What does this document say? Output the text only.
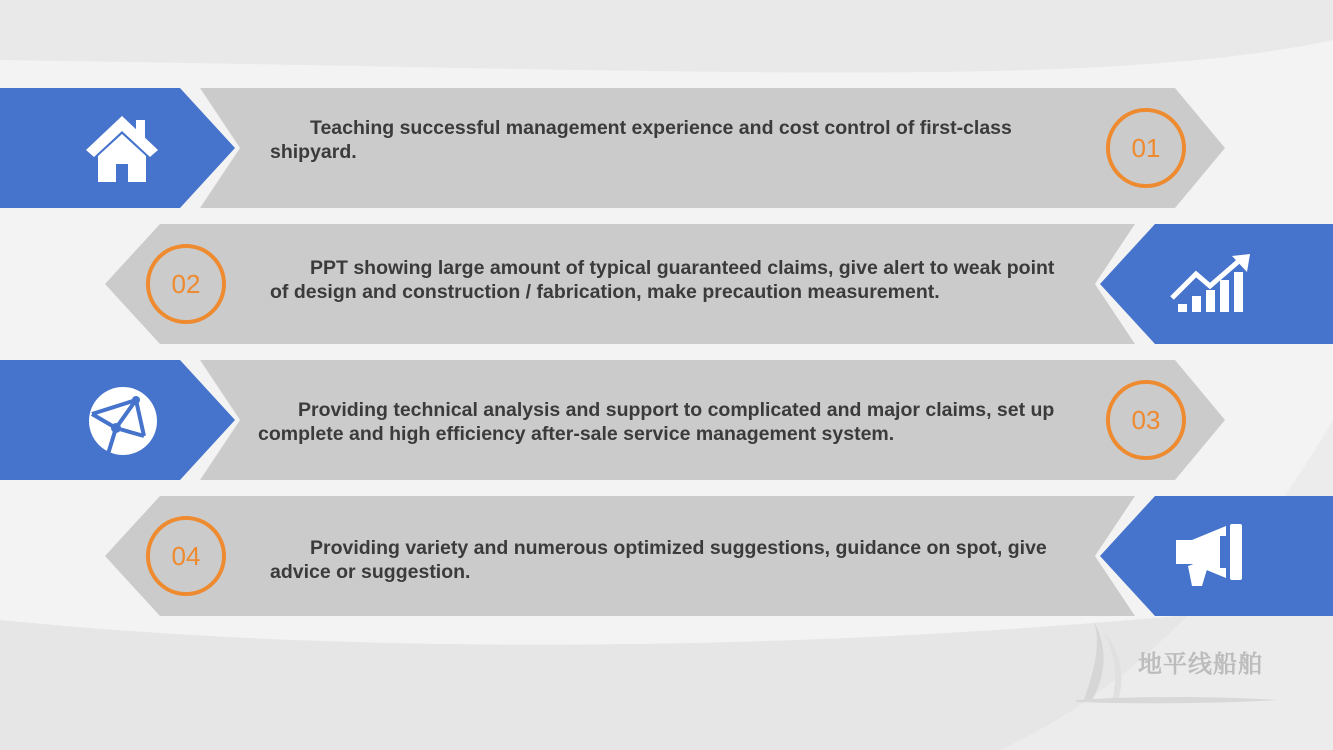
Teaching successful management experience and cost control of first-class shipyard.	01
02
PPT showing large amount of typical guaranteed claims, give alert to weak point of design and construction / fabrication, make precaution measurement.
Providing technical analysis and support to complicated and major claims, set up complete and high efficiency after-sale service management system.	03
04	Providing variety and numerous optimized suggestions, guidance on spot, give advice or suggestion.
地平线船舶
